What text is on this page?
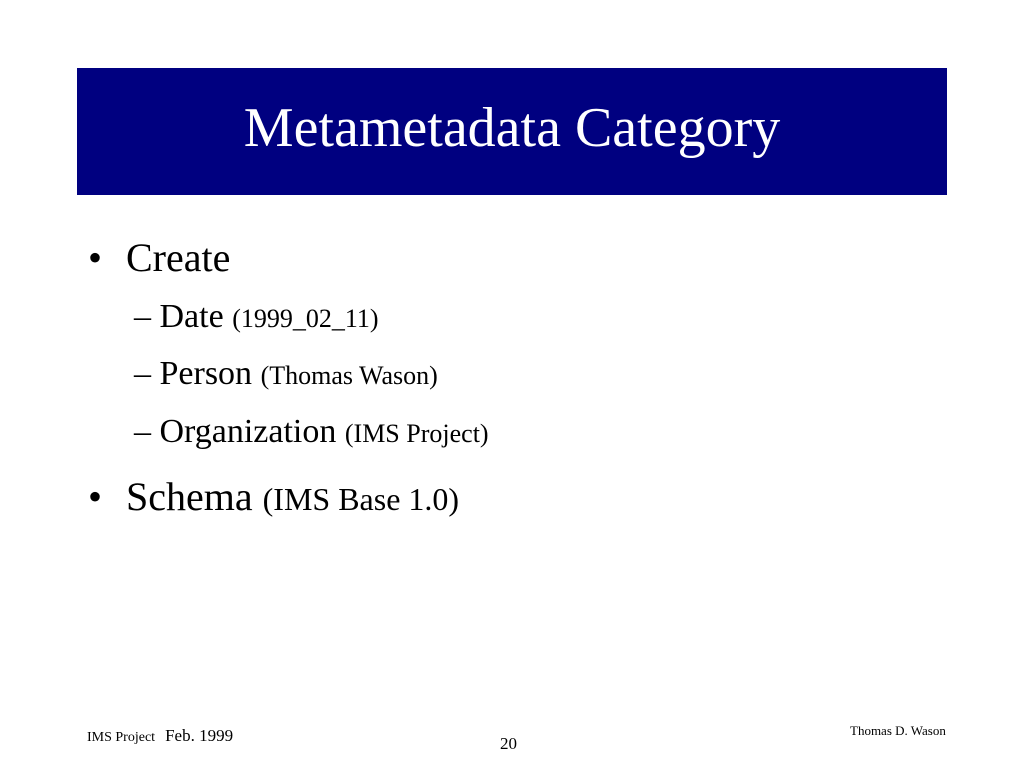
Metametadata Category
• Create
– Date (1999_02_11)
– Person (Thomas Wason)
– Organization (IMS Project)
• Schema (IMS Base 1.0)
IMS Project Feb. 1999	20
Thomas D. Wason
